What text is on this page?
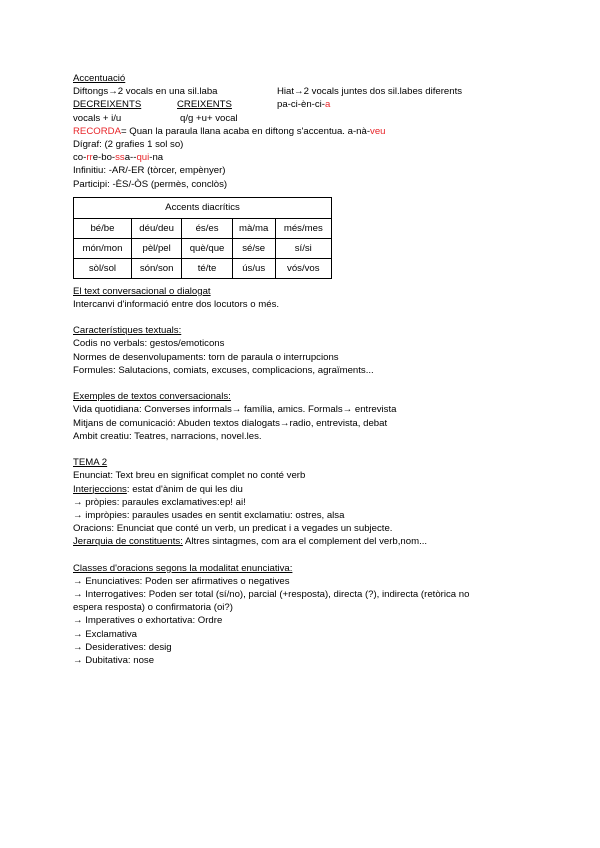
Accentuació
Diftongs→2 vocals en una sil.laba	Hiat→2 vocals juntes dos sil.labes diferents
DECREIXENTS	CREIXENTS	pa-ci-èn-ci-a
vocals + i/u	q/g +u+ vocal
RECORDA= Quan la paraula llana acaba en diftong s'accentua. a-nà-veu
Dígraf: (2 grafies 1 sol so)
co-rre-bo-ssa--qui-na
Infinitiu: -AR/-ER (tòrcer, empènyer)
Participi: -ÈS/-ÒS (permès, conclòs)
Accents diacrítics				
bé/be	déu/deu	és/es	mà/ma	més/mes
món/mon	pèl/pel	què/que	sé/se	sí/si
sòl/sol	són/son	té/te	ús/us	vós/vos
El text conversacional o dialogat
Intercanvi d'informació entre dos locutors o més.
Característiques textuals:
Codis no verbals: gestos/emoticons
Normes de desenvolupaments: torn de paraula o interrupcions
Formules: Salutacions, comiats, excuses, complicacions, agraïments...
Exemples de textos conversacionals:
Vida quotidiana: Converses informals→ família, amics. Formals→ entrevista
Mitjans de comunicació: Abuden textos dialogats→radio, entrevista, debat
Ambit creatiu: Teatres, narracions, novel.les.
TEMA 2
Enunciat: Text breu en significat complet no conté verb
Interjeccions: estat d'ànim de qui les diu
→ pròpies: paraules exclamatives:ep! ai!
→ impròpies: paraules usades en sentit exclamatiu: ostres, alsa
Oracions: Enunciat que conté un verb, un predicat i a vegades un subjecte.
Jerarquia de constituents: Altres sintagmes, com ara el complement del verb,nom...
Classes d'oracions segons la modalitat enunciativa:
→ Enunciatives: Poden ser afirmatives o negatives
→ Interrogatives: Poden ser total (sí/no), parcial (+resposta), directa (?), indirecta (retòrica no
espera resposta) o confirmatoria (oi?)
→ Imperatives o exhortativa: Ordre
→ Exclamativa
→ Desideratives: desig
→ Dubitativa: nose
